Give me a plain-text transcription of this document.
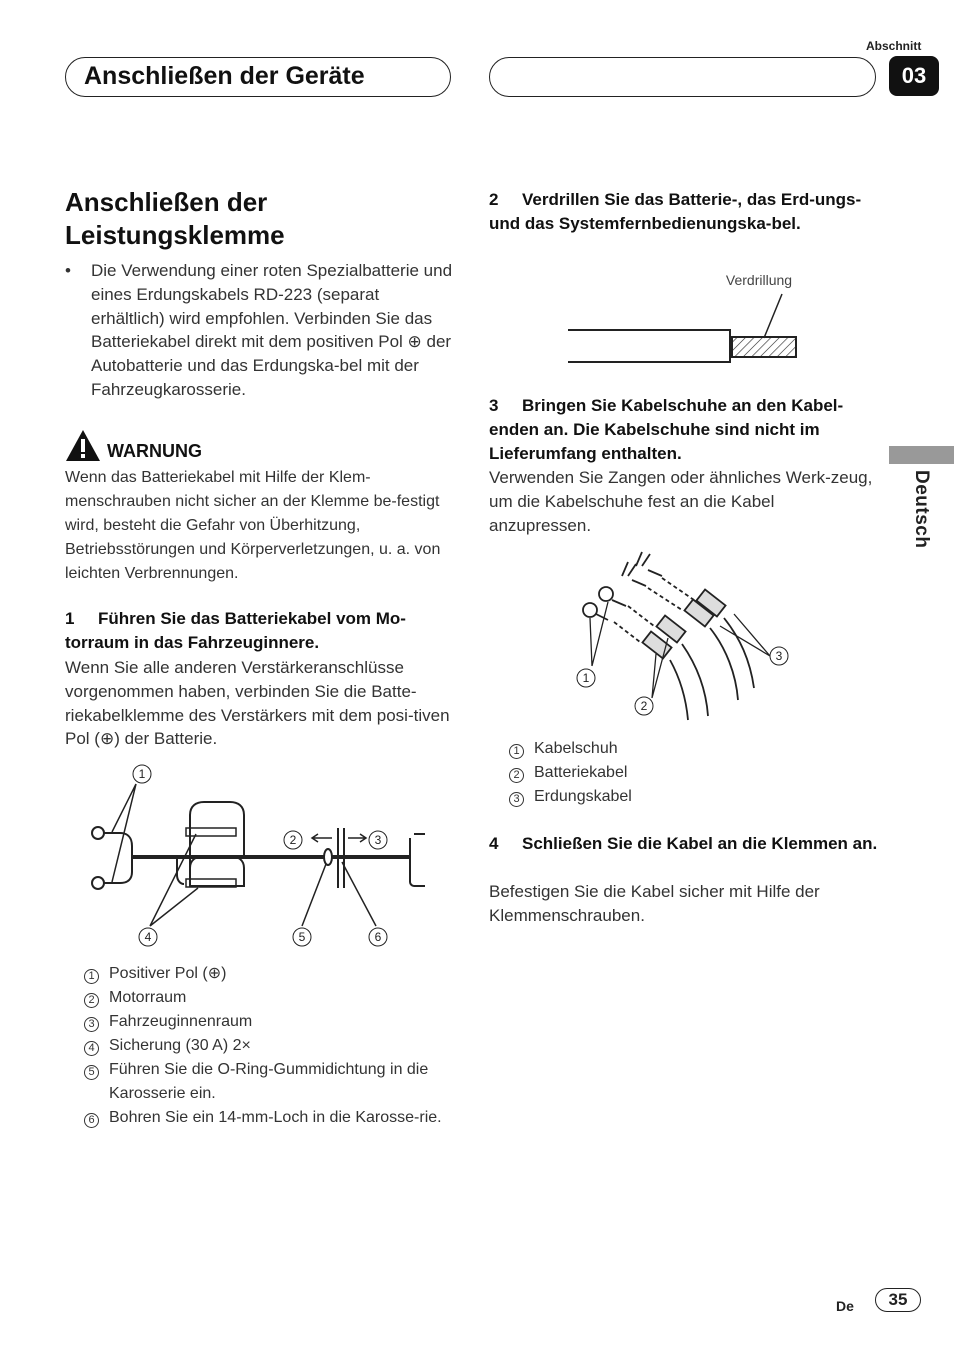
Anschließen der Geräte
Abschnitt
03
Deutsch
Anschließen der Leistungsklemme
• Die Verwendung einer roten Spezialbatterie und eines Erdungskabels RD-223 (separat erhältlich) wird empfohlen. Verbinden Sie das Batteriekabel direkt mit dem positiven Pol ⊕ der Autobatterie und das Erdungska-bel mit der Fahrzeugkarosserie.
WARNUNG
Wenn das Batteriekabel mit Hilfe der Klem-menschrauben nicht sicher an der Klemme be-festigt wird, besteht die Gefahr von Überhitzung, Betriebsstörungen und Körperverletzungen, u. a. von leichten Verbrennungen.
1 Führen Sie das Batteriekabel vom Mo-torraum in das Fahrzeuginnere.
Wenn Sie alle anderen Verstärkeranschlüsse vorgenommen haben, verbinden Sie die Batte-riekabelklemme des Verstärkers mit dem posi-tiven Pol (⊕) der Batterie.
1
2	3
4	5	6
1 Positiver Pol (⊕)
2 Motorraum
3 Fahrzeuginnenraum
4 Sicherung (30 A) 2×
5 Führen Sie die O-Ring-Gummidichtung in die Karosserie ein.
6 Bohren Sie ein 14-mm-Loch in die Karosse-rie.
2 Verdrillen Sie das Batterie-, das Erd-ungs- und das Systemfernbedienungska-bel.
Verdrillung
3 Bringen Sie Kabelschuhe an den Kabel-enden an. Die Kabelschuhe sind nicht im Lieferumfang enthalten.
Verwenden Sie Zangen oder ähnliches Werk-zeug, um die Kabelschuhe fest an die Kabel anzupressen.
1
2
3
1 Kabelschuh
2 Batteriekabel
3 Erdungskabel
4 Schließen Sie die Kabel an die Klemmen an.
Befestigen Sie die Kabel sicher mit Hilfe der Klemmenschrauben.
De	35
